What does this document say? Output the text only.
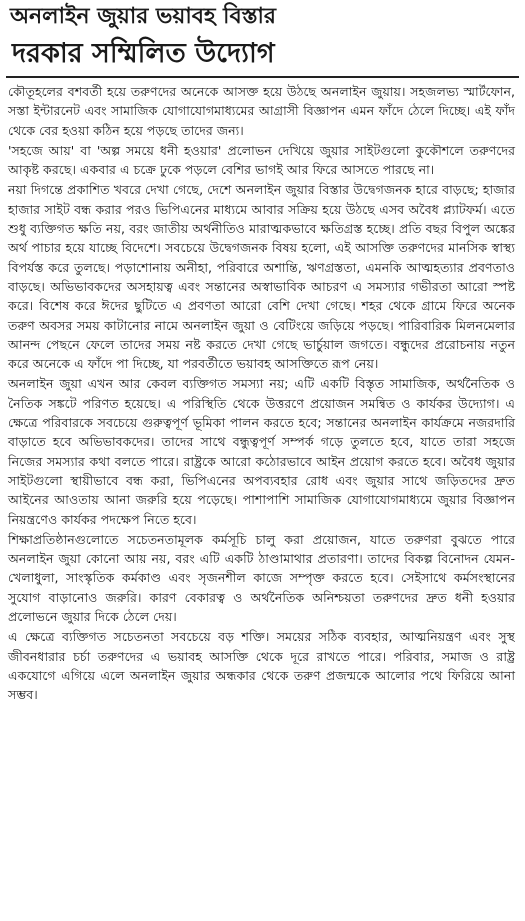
অনলাইন জুয়ার ভয়াবহ বিস্তার
দরকার সম্মিলিত উদ্যোগ

কৌতূহলের বশবর্তী হয়ে তরুণদের অনেকে আসক্ত হয়ে উঠছে অনলাইন জুয়ায়। সহজলভ্য স্মার্টফোন, সস্তা ইন্টারনেট এবং সামাজিক যোগাযোগমাধ্যমের আগ্রাসী বিজ্ঞাপন এমন ফাঁদে ঠেলে দিচ্ছে। এই ফাঁদ থেকে বের হওয়া কঠিন হয়ে পড়ছে তাদের জন্য।

'সহজে আয়' বা 'অল্প সময়ে ধনী হওয়ার' প্রলোভন দেখিয়ে জুয়ার সাইটগুলো কুকৌশলে তরুণদের আকৃষ্ট করছে। একবার এ চক্রে ঢুকে পড়লে বেশির ভাগই আর ফিরে আসতে পারছে না।

নয়া দিগন্তে প্রকাশিত খবরে দেখা গেছে, দেশে অনলাইন জুয়ার বিস্তার উদ্বেগজনক হারে বাড়ছে; হাজার হাজার সাইট বন্ধ করার পরও ভিপিএনের মাধ্যমে আবার সক্রিয় হয়ে উঠছে এসব অবৈধ প্ল্যাটফর্ম। এতে শুধু ব্যক্তিগত ক্ষতি নয়, বরং জাতীয় অর্থনীতিও মারাত্মকভাবে ক্ষতিগ্রস্ত হচ্ছে। প্রতি বছর বিপুল অঙ্কের অর্থ পাচার হয়ে যাচ্ছে বিদেশে। সবচেয়ে উদ্বেগজনক বিষয় হলো, এই আসক্তি তরুণদের মানসিক স্বাস্থ্য বিপর্যস্ত করে তুলছে। পড়াশোনায় অনীহা, পরিবারে অশান্তি, ঋণগ্রস্ততা, এমনকি আত্মহত্যার প্রবণতাও বাড়ছে। অভিভাবকদের অসহায়ত্ব এবং সন্তানের অস্বাভাবিক আচরণ এ সমস্যার গভীরতা আরো স্পষ্ট করে। বিশেষ করে ঈদের ছুটিতে এ প্রবণতা আরো বেশি দেখা গেছে। শহর থেকে গ্রামে ফিরে অনেক তরুণ অবসর সময় কাটানোর নামে অনলাইন জুয়া ও বেটিংয়ে জড়িয়ে পড়ছে। পারিবারিক মিলনমেলার আনন্দ পেছনে ফেলে তাদের সময় নষ্ট করতে দেখা গেছে ভার্চুয়াল জগতে। বন্ধুদের প্ররোচনায় নতুন করে অনেকে এ ফাঁদে পা দিচ্ছে, যা পরবর্তীতে ভয়াবহ আসক্তিতে রূপ নেয়।

অনলাইন জুয়া এখন আর কেবল ব্যক্তিগত সমস্যা নয়; এটি একটি বিস্তৃত সামাজিক, অর্থনৈতিক ও নৈতিক সঙ্কটে পরিণত হয়েছে। এ পরিস্থিতি থেকে উত্তরণে প্রয়োজন সমন্বিত ও কার্যকর উদ্যোগ। এ ক্ষেত্রে পরিবারকে সবচেয়ে গুরুত্বপূর্ণ ভূমিকা পালন করতে হবে; সন্তানের অনলাইন কার্যক্রমে নজরদারি বাড়াতে হবে অভিভাবকদের। তাদের সাথে বন্ধুত্বপূর্ণ সম্পর্ক গড়ে তুলতে হবে, যাতে তারা সহজে নিজের সমস্যার কথা বলতে পারে। রাষ্ট্রকে আরো কঠোরভাবে আইন প্রয়োগ করতে হবে। অবৈধ জুয়ার সাইটগুলো স্থায়ীভাবে বন্ধ করা, ভিপিএনের অপব্যবহার রোধ এবং জুয়ার সাথে জড়িতদের দ্রুত আইনের আওতায় আনা জরুরি হয়ে পড়েছে। পাশাপাশি সামাজিক যোগাযোগমাধ্যমে জুয়ার বিজ্ঞাপন নিয়ন্ত্রণেও কার্যকর পদক্ষেপ নিতে হবে।

শিক্ষাপ্রতিষ্ঠানগুলোতে সচেতনতামূলক কর্মসূচি চালু করা প্রয়োজন, যাতে তরুণরা বুঝতে পারে অনলাইন জুয়া কোনো আয় নয়, বরং এটি একটি ঠাণ্ডামাথার প্রতারণা। তাদের বিকল্প বিনোদন যেমন- খেলাধুলা, সাংস্কৃতিক কর্মকাণ্ড এবং সৃজনশীল কাজে সম্পৃক্ত করতে হবে। সেইসাথে কর্মসংস্থানের সুযোগ বাড়ানোও জরুরি। কারণ বেকারত্ব ও অর্থনৈতিক অনিশ্চয়তা তরুণদের দ্রুত ধনী হওয়ার প্রলোভনে জুয়ার দিকে ঠেলে দেয়।

এ ক্ষেত্রে ব্যক্তিগত সচেতনতা সবচেয়ে বড় শক্তি। সময়ের সঠিক ব্যবহার, আত্মনিয়ন্ত্রণ এবং সুস্থ জীবনধারার চর্চা তরুণদের এ ভয়াবহ আসক্তি থেকে দূরে রাখতে পারে। পরিবার, সমাজ ও রাষ্ট্র একযোগে এগিয়ে এলে অনলাইন জুয়ার অন্ধকার থেকে তরুণ প্রজন্মকে আলোর পথে ফিরিয়ে আনা সম্ভব।
